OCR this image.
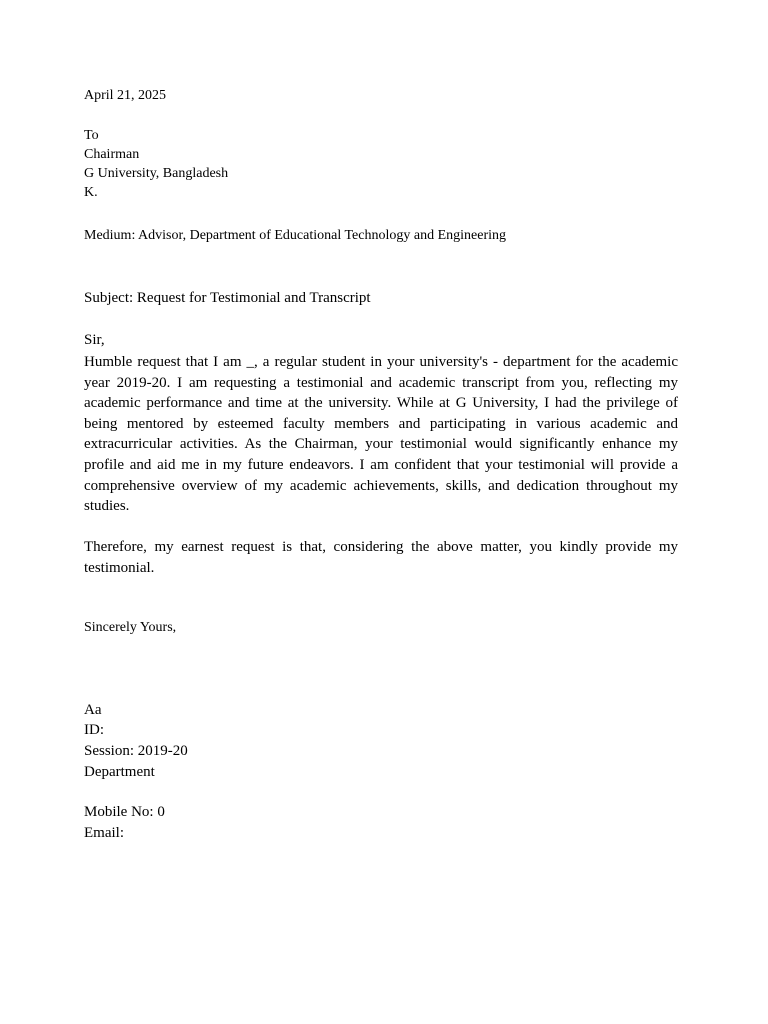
April 21, 2025
To
Chairman
G University, Bangladesh
K.
Medium: Advisor, Department of Educational Technology and Engineering
Subject: Request for Testimonial and Transcript
Sir,
Humble request that I am _, a regular student in your university's - department for the academic year 2019-20. I am requesting a testimonial and academic transcript from you, reflecting my academic performance and time at the university. While at G University, I had the privilege of being mentored by esteemed faculty members and participating in various academic and extracurricular activities. As the Chairman, your testimonial would significantly enhance my profile and aid me in my future endeavors. I am confident that your testimonial will provide a comprehensive overview of my academic achievements, skills, and dedication throughout my studies.
Therefore, my earnest request is that, considering the above matter, you kindly provide my testimonial.
Sincerely Yours,
Aa
ID:
Session: 2019-20
Department
Mobile No: 0
Email:
